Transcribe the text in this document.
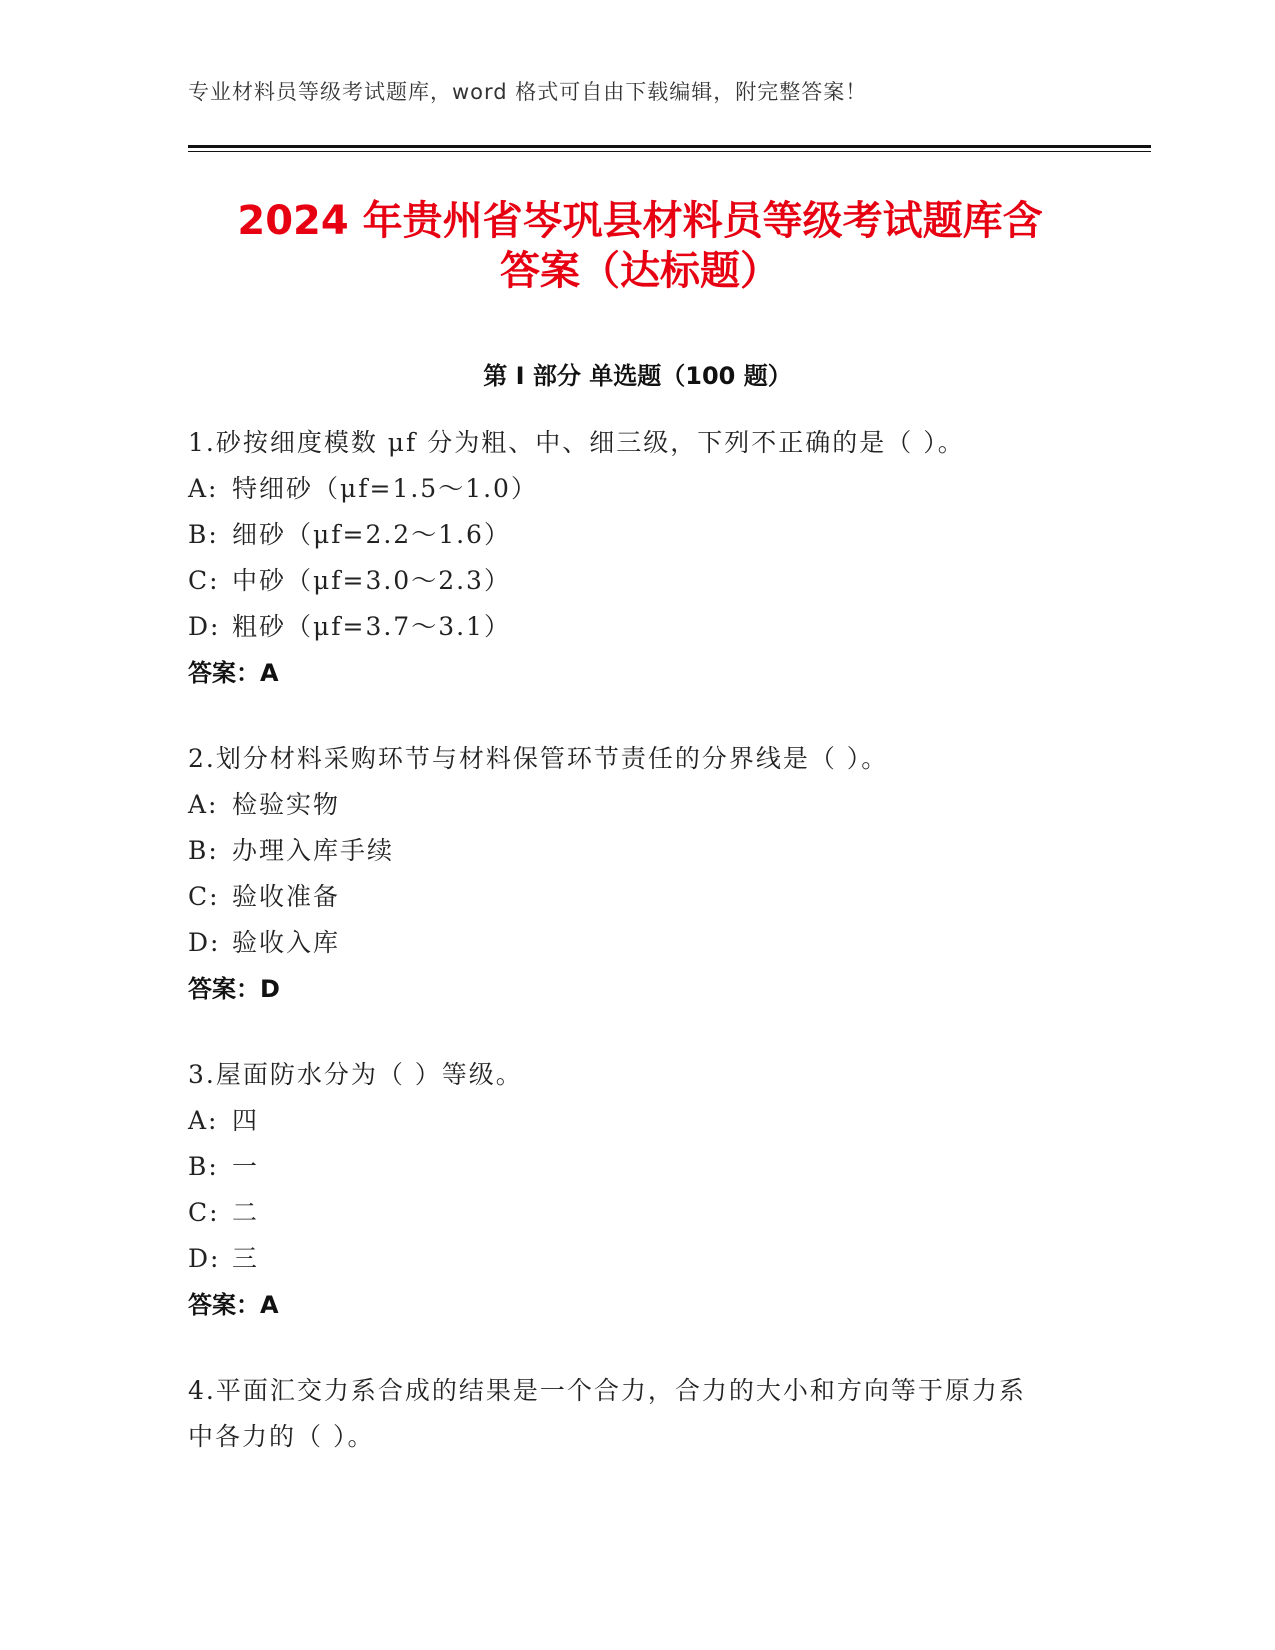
专业材料员等级考试题库，word 格式可自由下载编辑，附完整答案！
2024 年贵州省岑巩县材料员等级考试题库含
答案（达标题）
第 I 部分 单选题（100 题）
1.砂按细度模数 μf 分为粗、中、细三级，下列不正确的是（ ）。
A: 特细砂（μf=1.5～1.0）
B: 细砂（μf=2.2～1.6）
C: 中砂（μf=3.0～2.3）
D: 粗砂（μf=3.7～3.1）
答案：A
2.划分材料采购环节与材料保管环节责任的分界线是（ ）。
A: 检验实物
B: 办理入库手续
C: 验收准备
D: 验收入库
答案：D
3.屋面防水分为（ ）等级。
A: 四
B: 一
C: 二
D: 三
答案：A
4.平面汇交力系合成的结果是一个合力，合力的大小和方向等于原力系中各力的（ ）。
